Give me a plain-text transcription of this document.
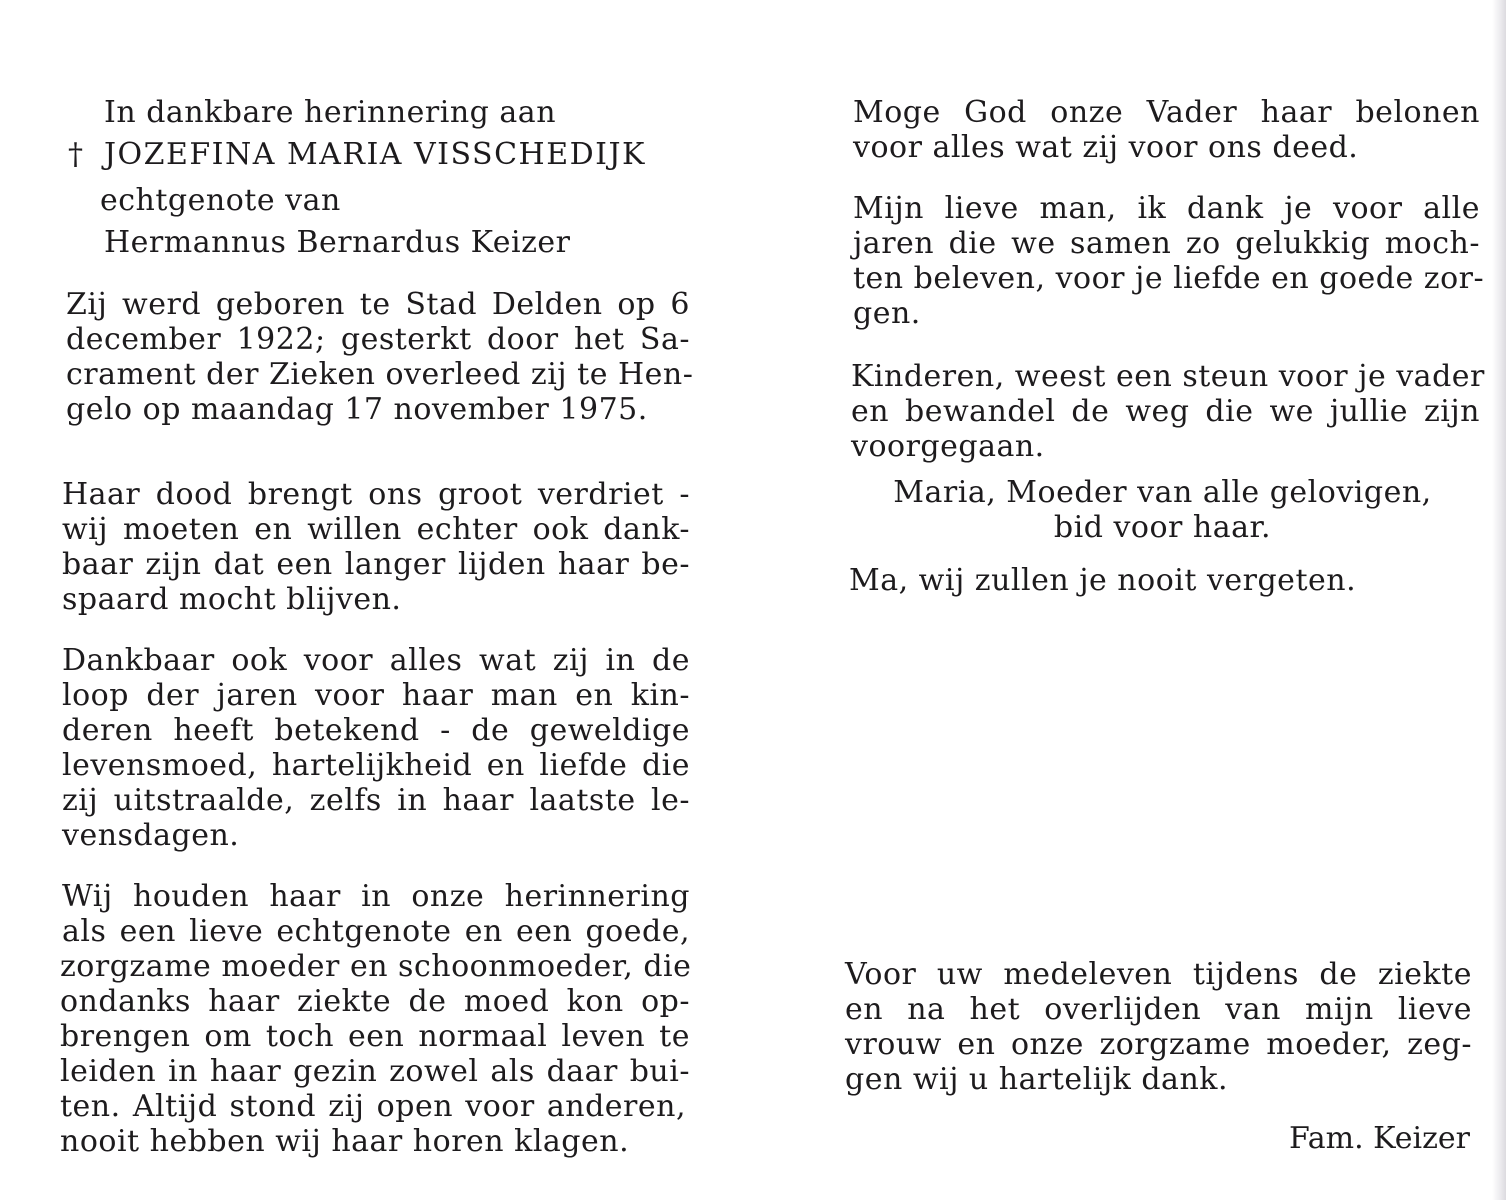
In dankbare herinnering aan
† JOZEFINA MARIA VISSCHEDIJK
echtgenote van
Hermannus Bernardus Keizer
Zij werd geboren te Stad Delden op 6
december 1922; gesterkt door het Sa-
crament der Zieken overleed zij te Hen-
gelo op maandag 17 november 1975.
Haar dood brengt ons groot verdriet -
wij moeten en willen echter ook dank-
baar zijn dat een langer lijden haar be-
spaard mocht blijven.
Dankbaar ook voor alles wat zij in de
loop der jaren voor haar man en kin-
deren heeft betekend - de geweldige
levensmoed, hartelijkheid en liefde die
zij uitstraalde, zelfs in haar laatste le-
vensdagen.
Wij houden haar in onze herinnering
als een lieve echtgenote en een goede,
zorgzame moeder en schoonmoeder, die
ondanks haar ziekte de moed kon op-
brengen om toch een normaal leven te
leiden in haar gezin zowel als daar bui-
ten. Altijd stond zij open voor anderen,
nooit hebben wij haar horen klagen.
Moge God onze Vader haar belonen
voor alles wat zij voor ons deed.
Mijn lieve man, ik dank je voor alle
jaren die we samen zo gelukkig moch-
ten beleven, voor je liefde en goede zor-
gen.
Kinderen, weest een steun voor je vader
en bewandel de weg die we jullie zijn
voorgegaan.
Maria, Moeder van alle gelovigen,
bid voor haar.
Ma, wij zullen je nooit vergeten.
Voor uw medeleven tijdens de ziekte
en na het overlijden van mijn lieve
vrouw en onze zorgzame moeder, zeg-
gen wij u hartelijk dank.
Fam. Keizer
